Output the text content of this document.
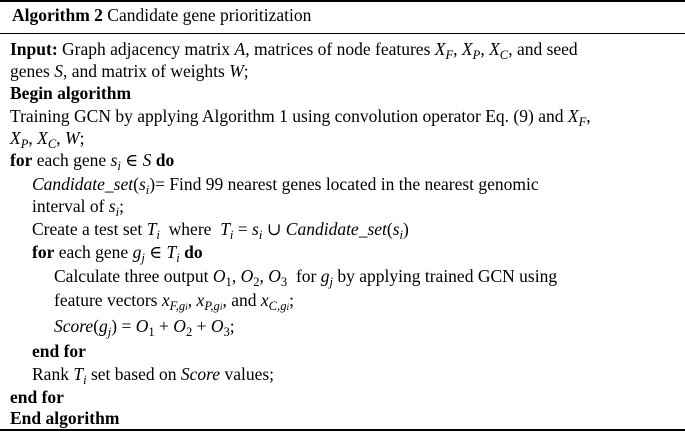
Algorithm 2 Candidate gene prioritization
Input: Graph adjacency matrix A, matrices of node features $X_F$, $X_P$, $X_C$, and seed
genes S, and matrix of weights W;
Begin algorithm
Training GCN by applying Algorithm 1 using convolution operator Eq. (9) and $X_F$,
$X_P$, $X_C$, W;
for each gene $s_i$ ∈ S do
$Candidate\_set(s_i)=$ Find 99 nearest genes located in the nearest genomic
interval of $s_i$;
Create a test set $T_i$ where $T_i = s_i$ ∪ $Candidate\_set(s_i)$
for each gene $g_j$ ∈ $T_i$ do
Calculate three output $O_1$, $O_2$, $O_3$ for $g_j$ by applying trained GCN using
feature vectors $x_{F,gi}$, $x_{P,gi}$, and $x_{C,gi}$;
$Score(g_j) = O_1 + O_2 + O_3$;
end for
Rank $T_i$ set based on Score values;
end for
End algorithm
